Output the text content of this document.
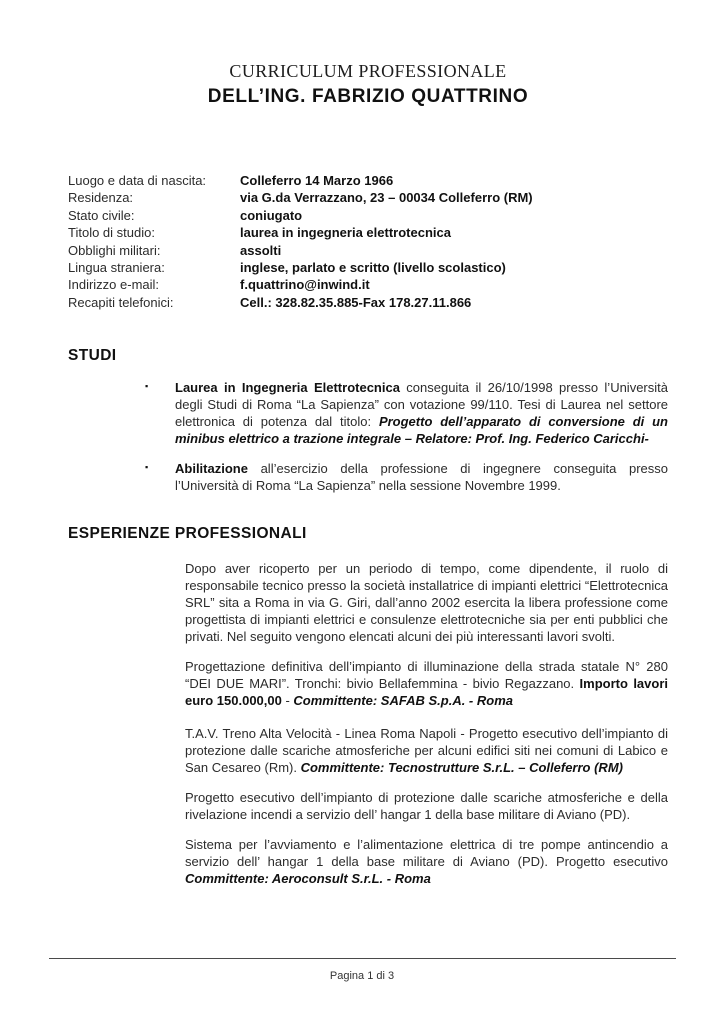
CURRICULUM PROFESSIONALE
DELL’ING. FABRIZIO QUATTRINO
Luogo e data di nascita:	Colleferro 14 Marzo 1966
Residenza:	via G.da Verrazzano, 23 – 00034 Colleferro (RM)
Stato civile:	coniugato
Titolo di studio:	laurea in ingegneria elettrotecnica
Obblighi militari:	assolti
Lingua straniera:	inglese, parlato e scritto (livello scolastico)
Indirizzo e-mail:	f.quattrino@inwind.it
Recapiti telefonici:	Cell.: 328.82.35.885-Fax 178.27.11.866
STUDI
▪ Laurea in Ingegneria Elettrotecnica conseguita il 26/10/1998 presso l’Università degli Studi di Roma “La Sapienza” con votazione 99/110. Tesi di Laurea nel settore elettronica di potenza dal titolo: Progetto dell’apparato di conversione di un minibus elettrico a trazione integrale – Relatore: Prof. Ing. Federico Caricchi-
▪ Abilitazione all’esercizio della professione di ingegnere conseguita presso l’Università di Roma “La Sapienza” nella sessione Novembre 1999.
ESPERIENZE PROFESSIONALI

Dopo aver ricoperto per un periodo di tempo, come dipendente, il ruolo di responsabile tecnico presso la società installatrice di impianti elettrici “Elettrotecnica SRL” sita a Roma in via G. Giri, dall’anno 2002 esercita la libera professione come progettista di impianti elettrici e consulenze elettrotecniche sia per enti pubblici che privati. Nel seguito vengono elencati alcuni dei più interessanti lavori svolti.

Progettazione definitiva dell’impianto di illuminazione della strada statale N° 280 “DEI DUE MARI”. Tronchi: bivio Bellafemmina - bivio Regazzano. Importo lavori euro 150.000,00 - Committente: SAFAB S.p.A. - Roma

T.A.V. Treno Alta Velocità - Linea Roma Napoli - Progetto esecutivo dell’impianto di protezione dalle scariche atmosferiche per alcuni edifici siti nei comuni di Labico e San Cesareo (Rm). Committente: Tecnostrutture S.r.L. – Colleferro (RM)

Progetto esecutivo dell’impianto di protezione dalle scariche atmosferiche e della rivelazione incendi a servizio dell’ hangar 1 della base militare di Aviano (PD).

Sistema per l’avviamento e l’alimentazione elettrica di tre pompe antincendio a servizio dell’ hangar 1 della base militare di Aviano (PD). Progetto esecutivo Committente: Aeroconsult S.r.L. - Roma

Pagina 1 di 3
